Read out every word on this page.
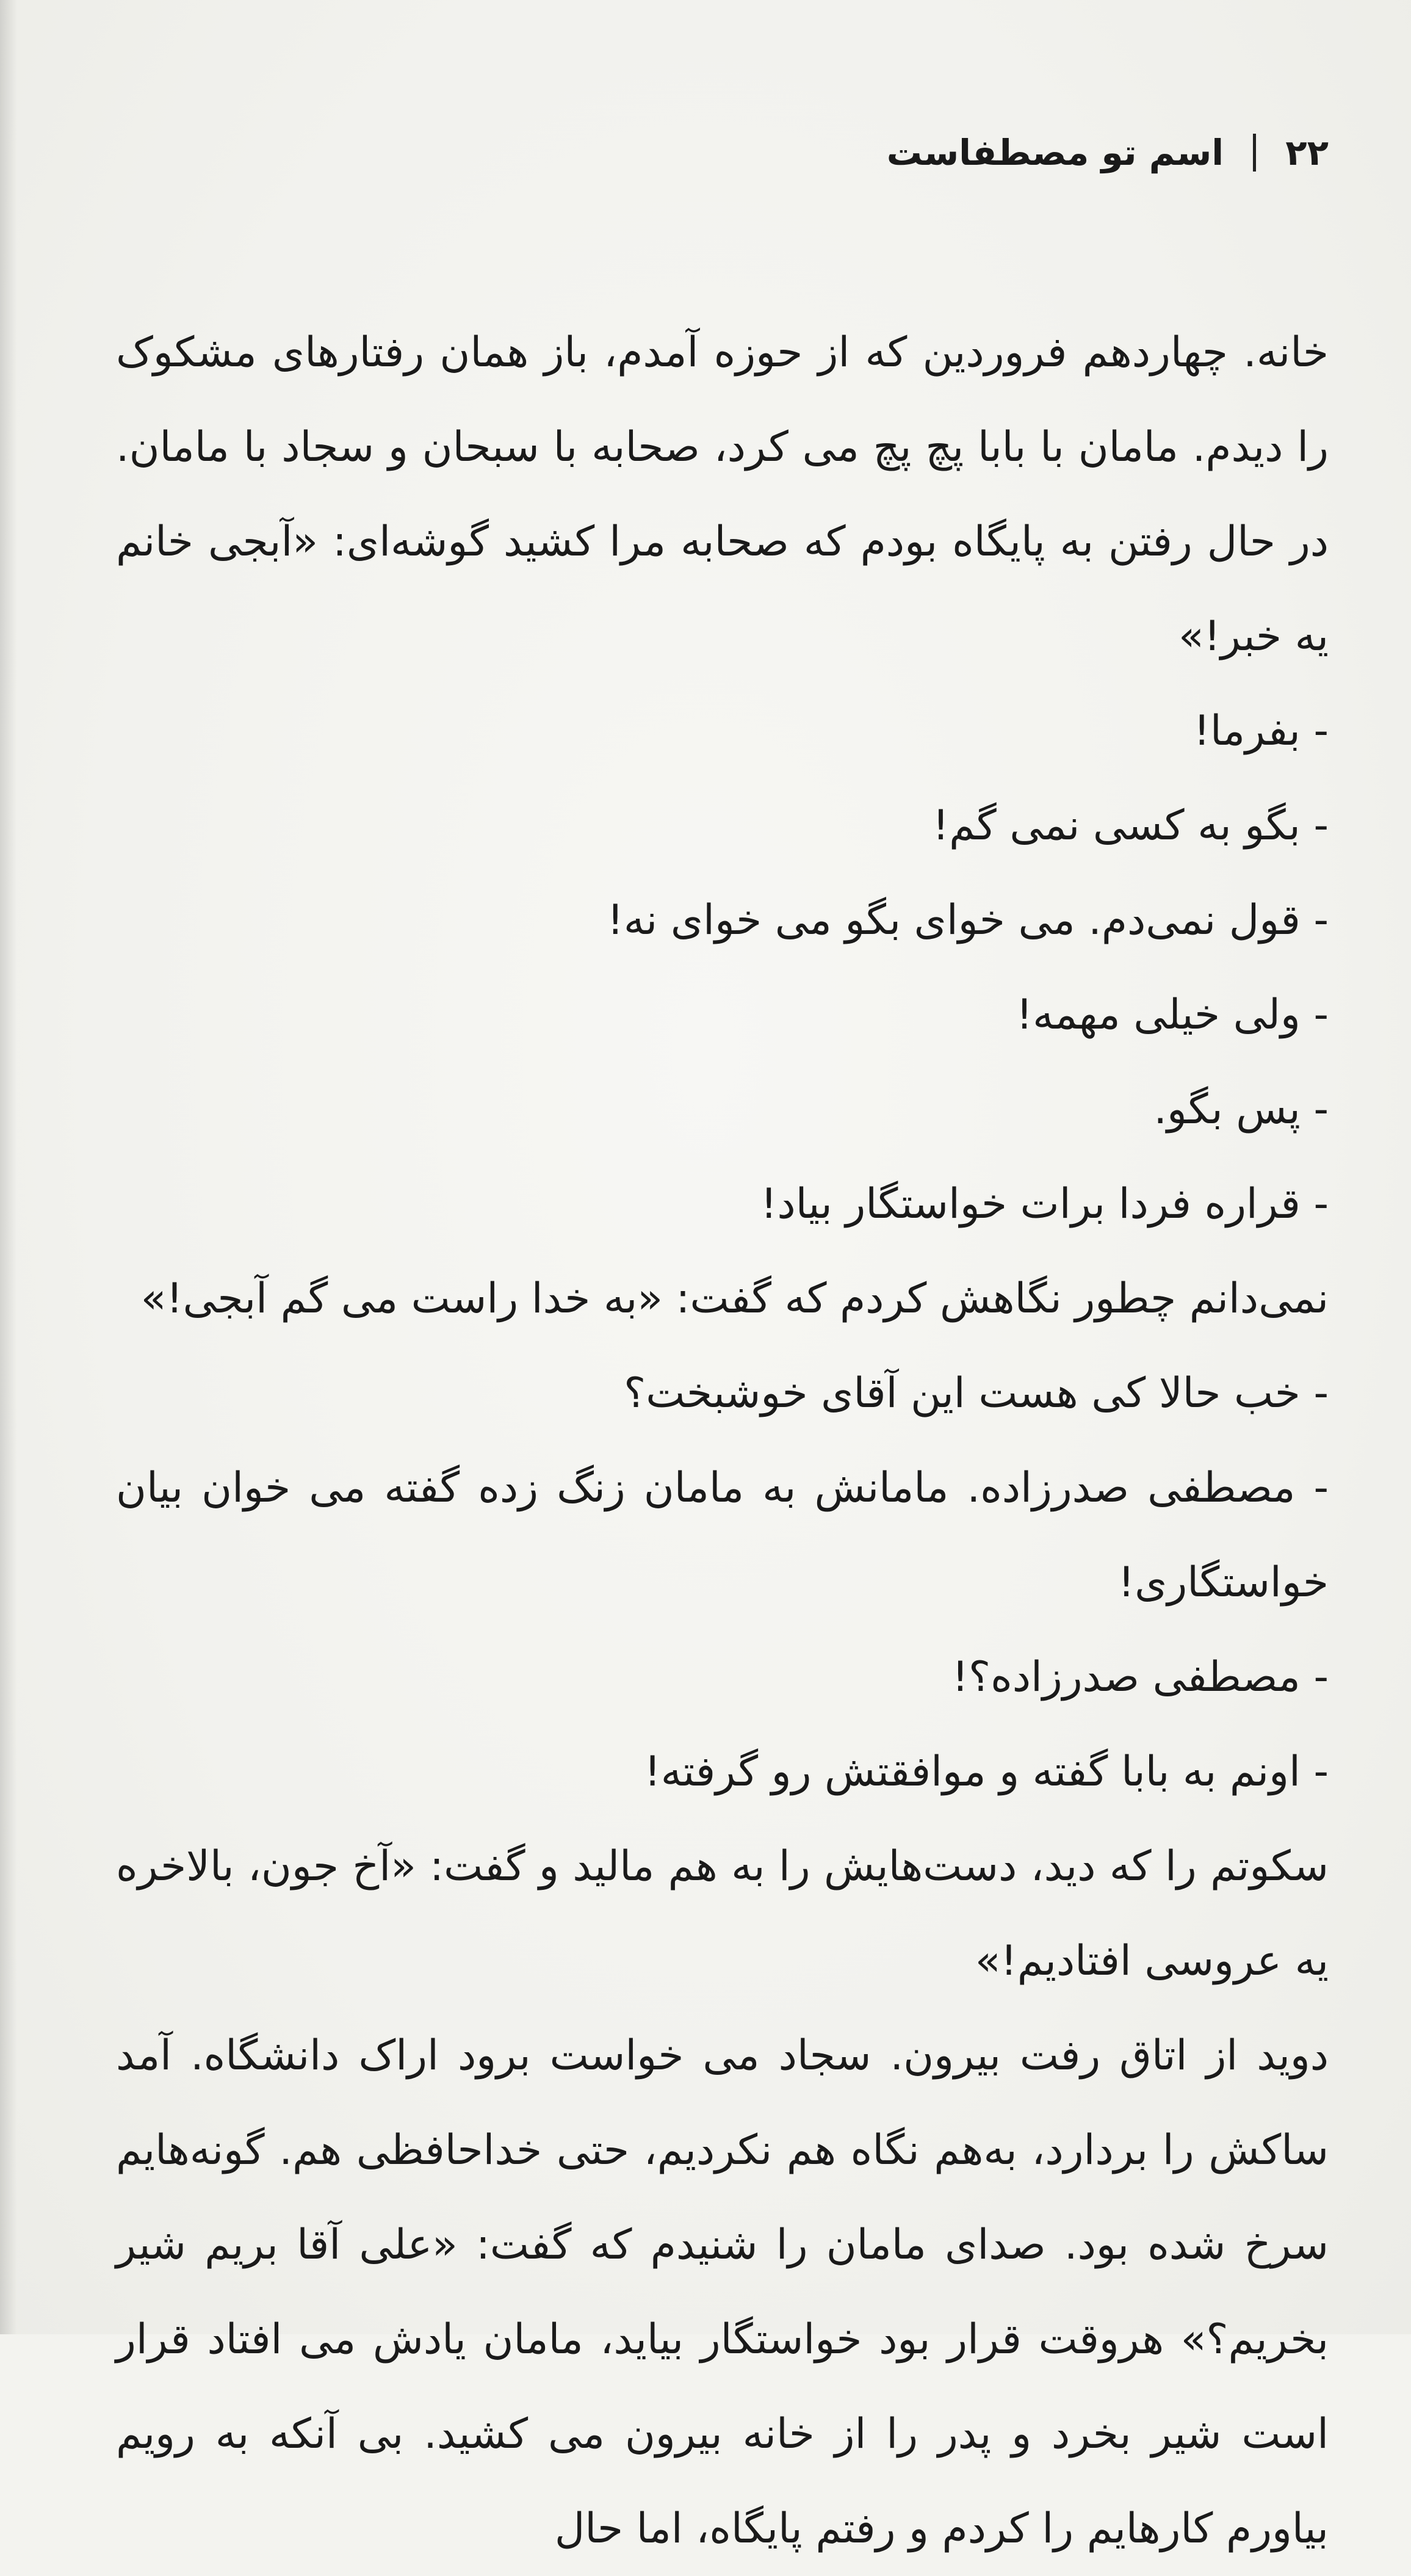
۲۲
اسم تو مصطفاست

خانه. چهاردهم فروردین که از حوزه آمدم، باز همان رفتارهای مشکوک را دیدم. مامان با بابا پچ پچ می کرد، صحابه با سبحان و سجاد با مامان. در حال رفتن به پایگاه بودم که صحابه مرا کشید گوشه‌ای: «آبجی خانم یه خبر!»

- بفرما!

- بگو به کسی نمی گم!

- قول نمی‌دم. می خوای بگو می خوای نه!

- ولی خیلی مهمه!

- پس بگو.

- قراره فردا برات خواستگار بیاد!

نمی‌دانم چطور نگاهش کردم که گفت: «به خدا راست می گم آبجی!»

- خب حالا کی هست این آقای خوشبخت؟

- مصطفی صدرزاده. مامانش به مامان زنگ زده گفته می خوان بیان خواستگاری!

- مصطفی صدرزاده؟!

- اونم به بابا گفته و موافقتش رو گرفته!

سکوتم را که دید، دست‌هایش را به هم مالید و گفت: «آخ جون، بالاخره یه عروسی افتادیم!»

دوید از اتاق رفت بیرون. سجاد می خواست برود اراک دانشگاه. آمد ساکش را بردارد، به‌هم نگاه هم نکردیم، حتی خداحافظی هم. گونه‌هایم سرخ شده بود. صدای مامان را شنیدم که گفت: «علی آقا بریم شیر بخریم؟» هروقت قرار بود خواستگار بیاید، مامان یادش می افتاد قرار است شیر بخرد و پدر را از خانه بیرون می کشید. بی آنکه به رویم بیاورم کارهایم را کردم و رفتم پایگاه، اما حال
